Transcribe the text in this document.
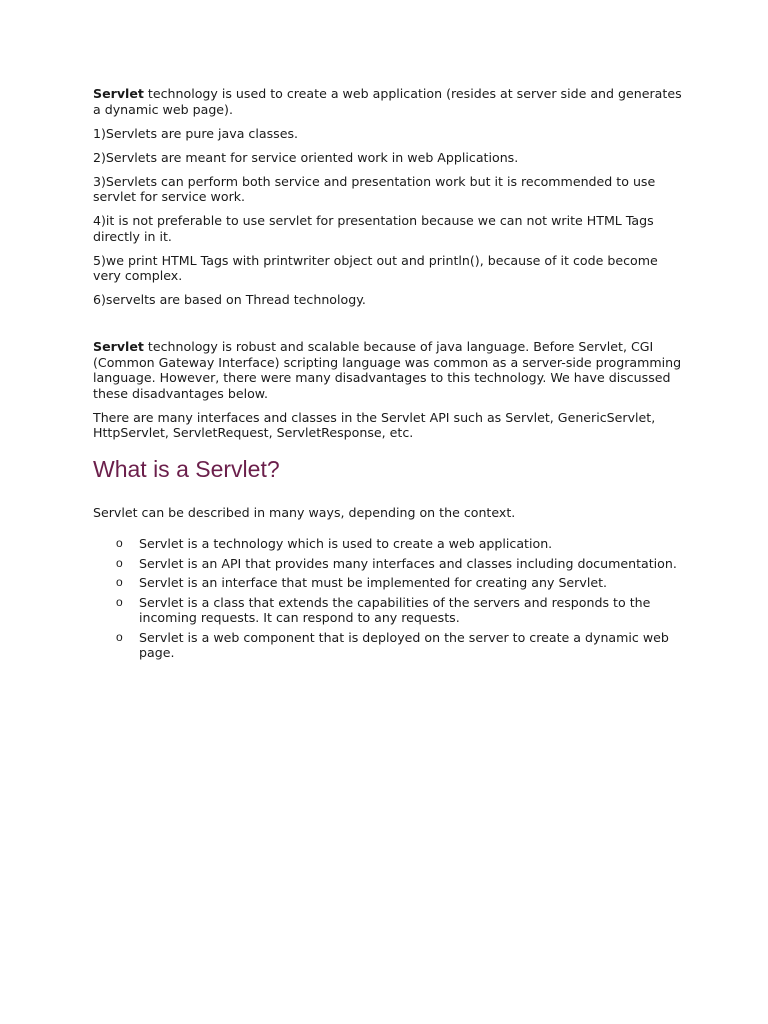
Servlet technology is used to create a web application (resides at server side and generates a dynamic web page).

1)Servlets are pure java classes.

2)Servlets are meant for service oriented work in web Applications.

3)Servlets can perform both service and presentation work but it is recommended to use servlet for service work.

4)it is not preferable to use servlet for presentation because we can not write HTML Tags directly in it.

5)we print HTML Tags with printwriter object out and println(), because of it code become very complex.

6)servelts are based on Thread technology.

Servlet technology is robust and scalable because of java language. Before Servlet, CGI (Common Gateway Interface) scripting language was common as a server-side programming language. However, there were many disadvantages to this technology. We have discussed these disadvantages below.

There are many interfaces and classes in the Servlet API such as Servlet, GenericServlet, HttpServlet, ServletRequest, ServletResponse, etc.

What is a Servlet?

Servlet can be described in many ways, depending on the context.

o Servlet is a technology which is used to create a web application.
o Servlet is an API that provides many interfaces and classes including documentation.
o Servlet is an interface that must be implemented for creating any Servlet.
o Servlet is a class that extends the capabilities of the servers and responds to the incoming requests. It can respond to any requests.
o Servlet is a web component that is deployed on the server to create a dynamic web page.
